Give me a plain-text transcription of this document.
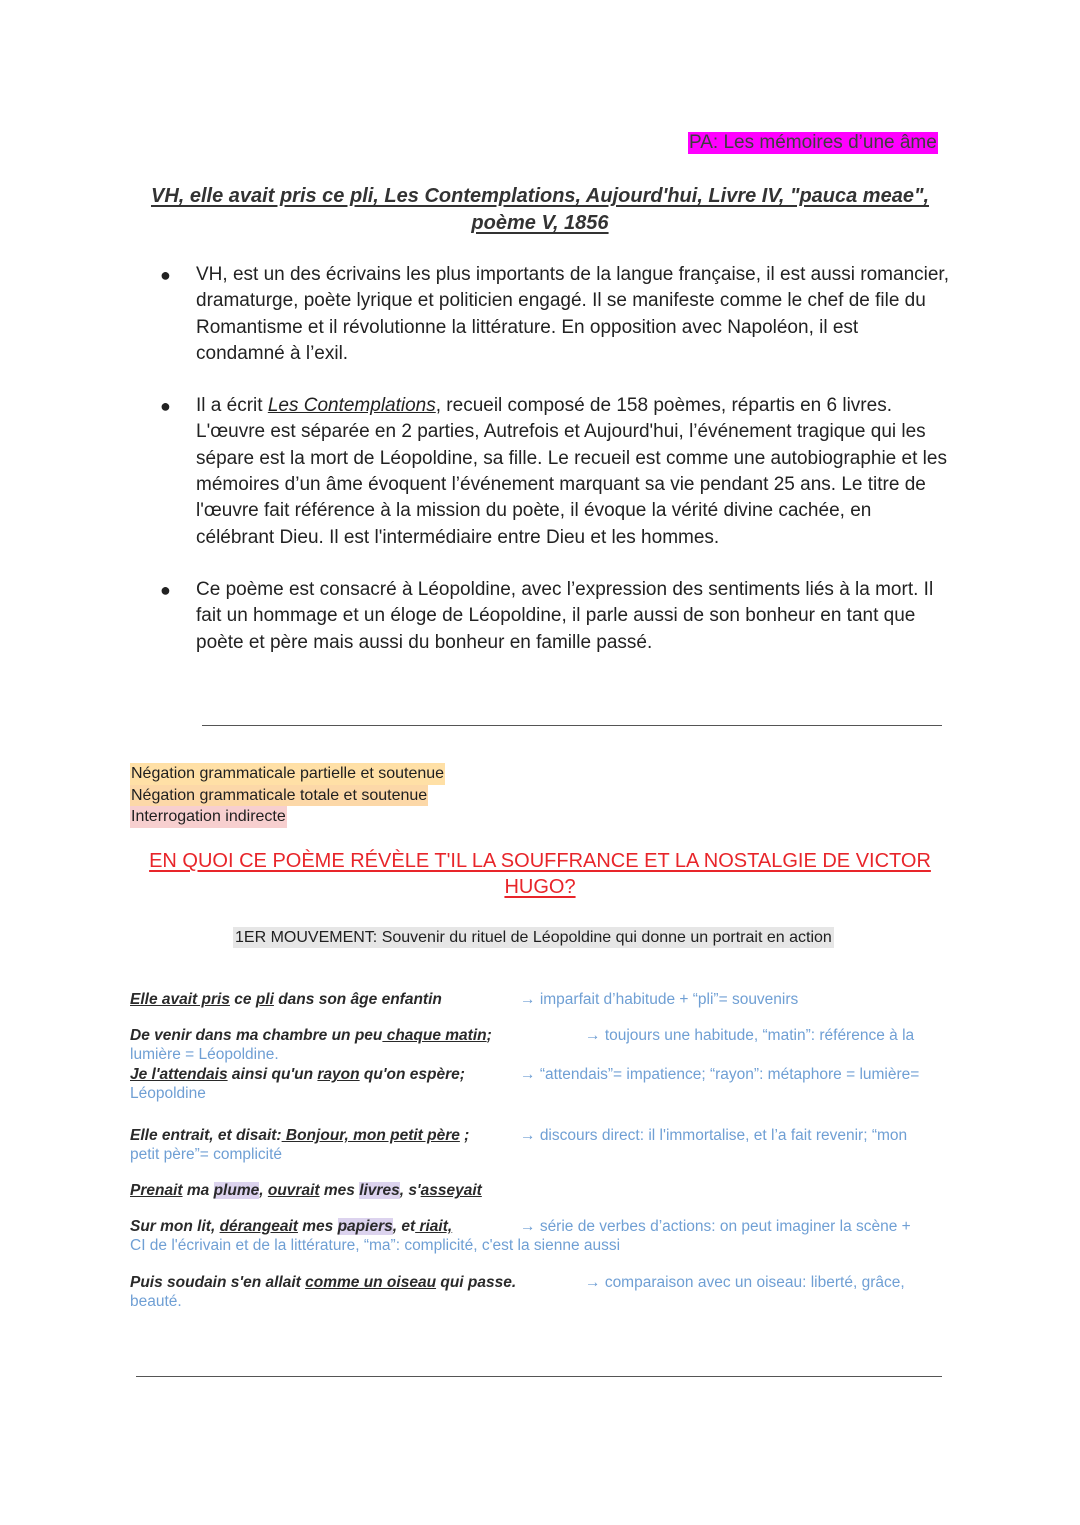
PA: Les mémoires d’une âme
VH, elle avait pris ce pli, Les Contemplations, Aujourd'hui, Livre IV, "pauca meae",
poème V, 1856
●	VH, est un des écrivains les plus importants de la langue française, il est aussi romancier, dramaturge, poète lyrique et politicien engagé. Il se manifeste comme le chef de file du Romantisme et il révolutionne la littérature. En opposition avec Napoléon, il est condamné à l’exil.
●	Il a écrit Les Contemplations, recueil composé de 158 poèmes, répartis en 6 livres. L'œuvre est séparée en 2 parties, Autrefois et Aujourd'hui, l’événement tragique qui les sépare est la mort de Léopoldine, sa fille. Le recueil est comme une autobiographie et les mémoires d’un âme évoquent l’événement marquant sa vie pendant 25 ans. Le titre de l'œuvre fait référence à la mission du poète, il évoque la vérité divine cachée, en célébrant Dieu. Il est l'intermédiaire entre Dieu et les hommes.
●	Ce poème est consacré à Léopoldine, avec l’expression des sentiments liés à la mort. Il fait un hommage et un éloge de Léopoldine, il parle aussi de son bonheur en tant que poète et père mais aussi du bonheur en famille passé.
Négation grammaticale partielle et soutenue
Négation grammaticale totale et soutenue
Interrogation indirecte
EN QUOI CE POÈME RÉVÈLE T'IL LA SOUFFRANCE ET LA NOSTALGIE DE VICTOR
HUGO?
1ER MOUVEMENT: Souvenir du rituel de Léopoldine qui donne un portrait en action
Elle avait pris ce pli dans son âge enfantin	→ imparfait d’habitude + “pli”= souvenirs
De venir dans ma chambre un peu chaque matin;	→ toujours une habitude, “matin”: référence à la
lumière = Léopoldine.
Je l'attendais ainsi qu'un rayon qu'on espère;	→ “attendais”= impatience; “rayon”: métaphore = lumière=
Léopoldine
Elle entrait, et disait: Bonjour, mon petit père ;	→ discours direct: il l'immortalise, et l’a fait revenir; “mon
petit père”= complicité
Prenait ma plume, ouvrait mes livres, s'asseyait
Sur mon lit, dérangeait mes papiers, et riait,	→ série de verbes d’actions: on peut imaginer la scène +
CI de l'écrivain et de la littérature, “ma”: complicité, c'est la sienne aussi
Puis soudain s'en allait comme un oiseau qui passe.	→ comparaison avec un oiseau: liberté, grâce,
beauté.
